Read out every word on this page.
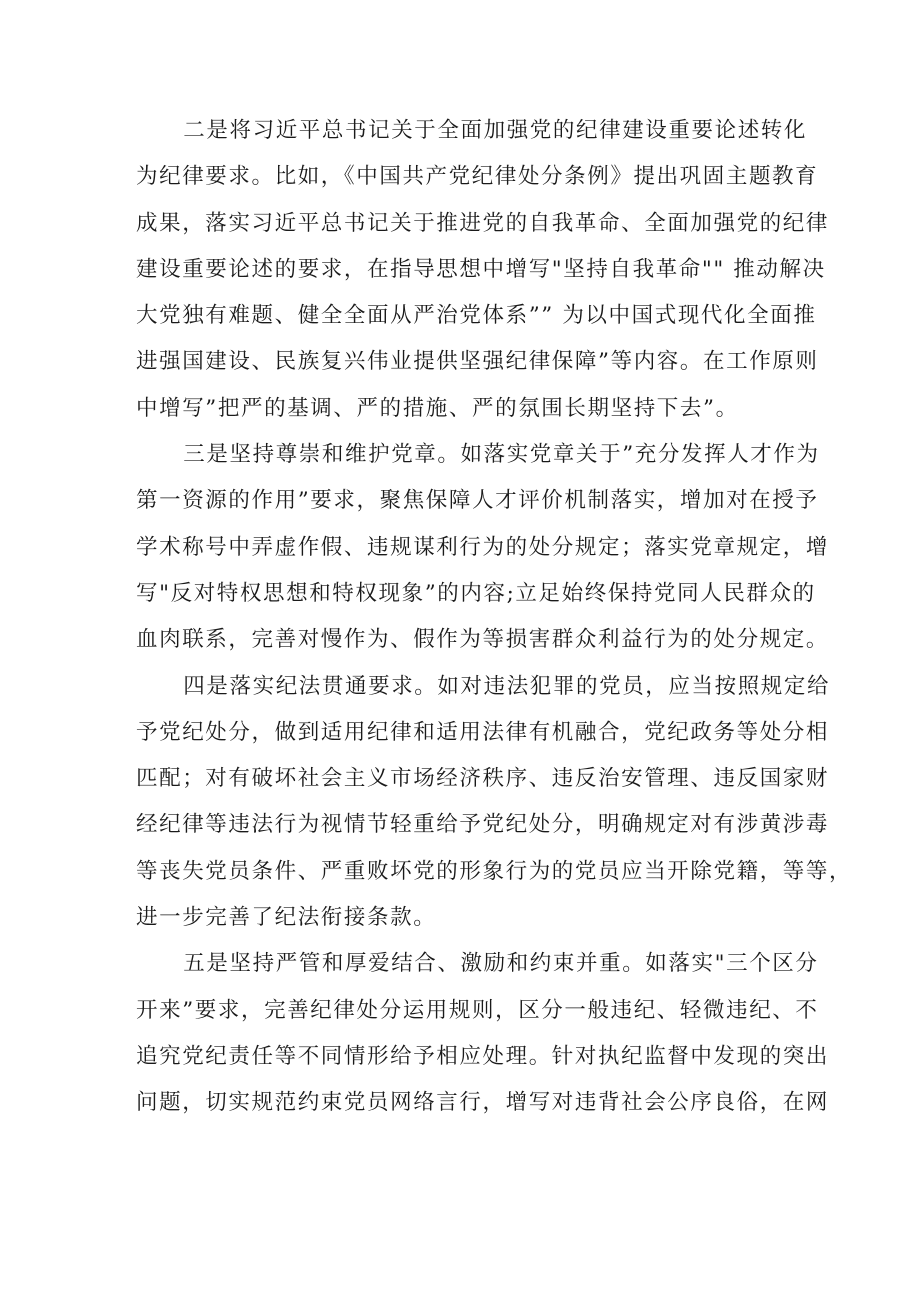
二是将习近平总书记关于全面加强党的纪律建设重要论述转化
为纪律要求。比如，《中国共产党纪律处分条例》提出巩固主题教育
成果，落实习近平总书记关于推进党的自我革命、全面加强党的纪律
建设重要论述的要求，在指导思想中增写"坚持自我革命"" 推动解决
大党独有难题、健全全面从严治党体系”” 为以中国式现代化全面推
进强国建设、民族复兴伟业提供坚强纪律保障”等内容。在工作原则
中增写”把严的基调、严的措施、严的氛围长期坚持下去”。
三是坚持尊崇和维护党章。如落实党章关于”充分发挥人才作为
第一资源的作用”要求，聚焦保障人才评价机制落实，增加对在授予
学术称号中弄虚作假、违规谋利行为的处分规定；落实党章规定，增
写"反对特权思想和特权现象”的内容;立足始终保持党同人民群众的
血肉联系，完善对慢作为、假作为等损害群众利益行为的处分规定。
四是落实纪法贯通要求。如对违法犯罪的党员，应当按照规定给
予党纪处分，做到适用纪律和适用法律有机融合，党纪政务等处分相
匹配；对有破坏社会主义市场经济秩序、违反治安管理、违反国家财
经纪律等违法行为视情节轻重给予党纪处分，明确规定对有涉黄涉毒
等丧失党员条件、严重败坏党的形象行为的党员应当开除党籍，等等，
进一步完善了纪法衔接条款。
五是坚持严管和厚爱结合、激励和约束并重。如落实"三个区分
开来”要求，完善纪律处分运用规则，区分一般违纪、轻微违纪、不
追究党纪责任等不同情形给予相应处理。针对执纪监督中发现的突出
问题，切实规范约束党员网络言行，增写对违背社会公序良俗，在网
